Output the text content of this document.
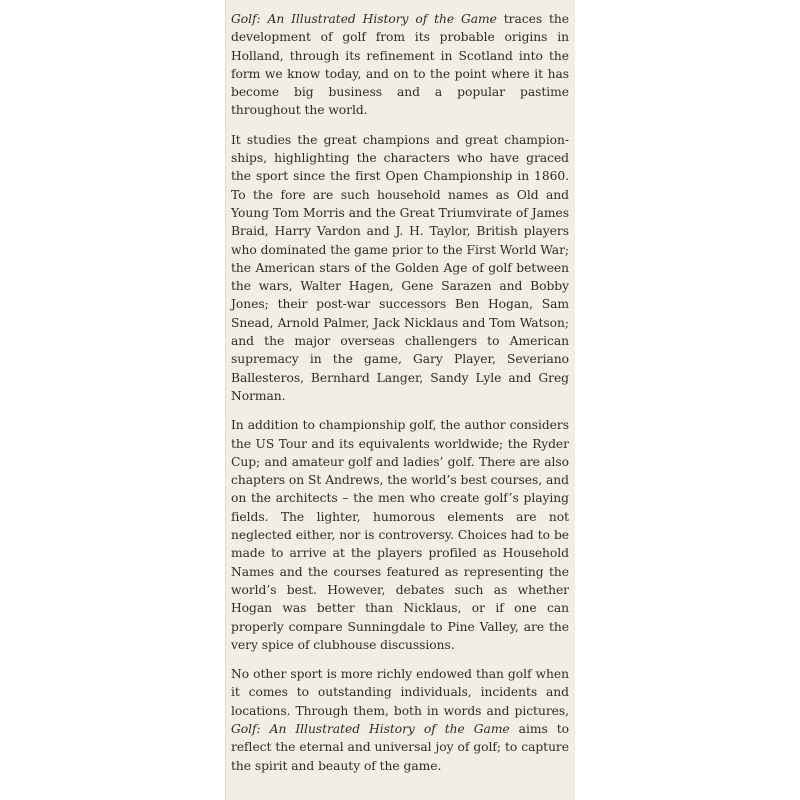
Golf: An Illustrated History of the Game traces the development of golf from its probable origins in Holland, through its refinement in Scotland into the form we know today, and on to the point where it has become big business and a popular pastime throughout the world.

It studies the great champions and great championships, highlighting the characters who have graced the sport since the first Open Championship in 1860. To the fore are such household names as Old and Young Tom Morris and the Great Triumvirate of James Braid, Harry Vardon and J. H. Taylor, British players who dominated the game prior to the First World War; the American stars of the Golden Age of golf between the wars, Walter Hagen, Gene Sarazen and Bobby Jones; their post-war successors Ben Hogan, Sam Snead, Arnold Palmer, Jack Nicklaus and Tom Watson; and the major overseas challengers to American supremacy in the game, Gary Player, Severiano Ballesteros, Bernhard Langer, Sandy Lyle and Greg Norman.

In addition to championship golf, the author considers the US Tour and its equivalents worldwide; the Ryder Cup; and amateur golf and ladies’ golf. There are also chapters on St Andrews, the world’s best courses, and on the architects – the men who create golf’s playing fields. The lighter, humorous elements are not neglected either, nor is controversy. Choices had to be made to arrive at the players profiled as Household Names and the courses featured as representing the world’s best. However, debates such as whether Hogan was better than Nicklaus, or if one can properly compare Sunningdale to Pine Valley, are the very spice of clubhouse discussions.

No other sport is more richly endowed than golf when it comes to outstanding individuals, incidents and locations. Through them, both in words and pictures, Golf: An Illustrated History of the Game aims to reflect the eternal and universal joy of golf; to capture the spirit and beauty of the game.
